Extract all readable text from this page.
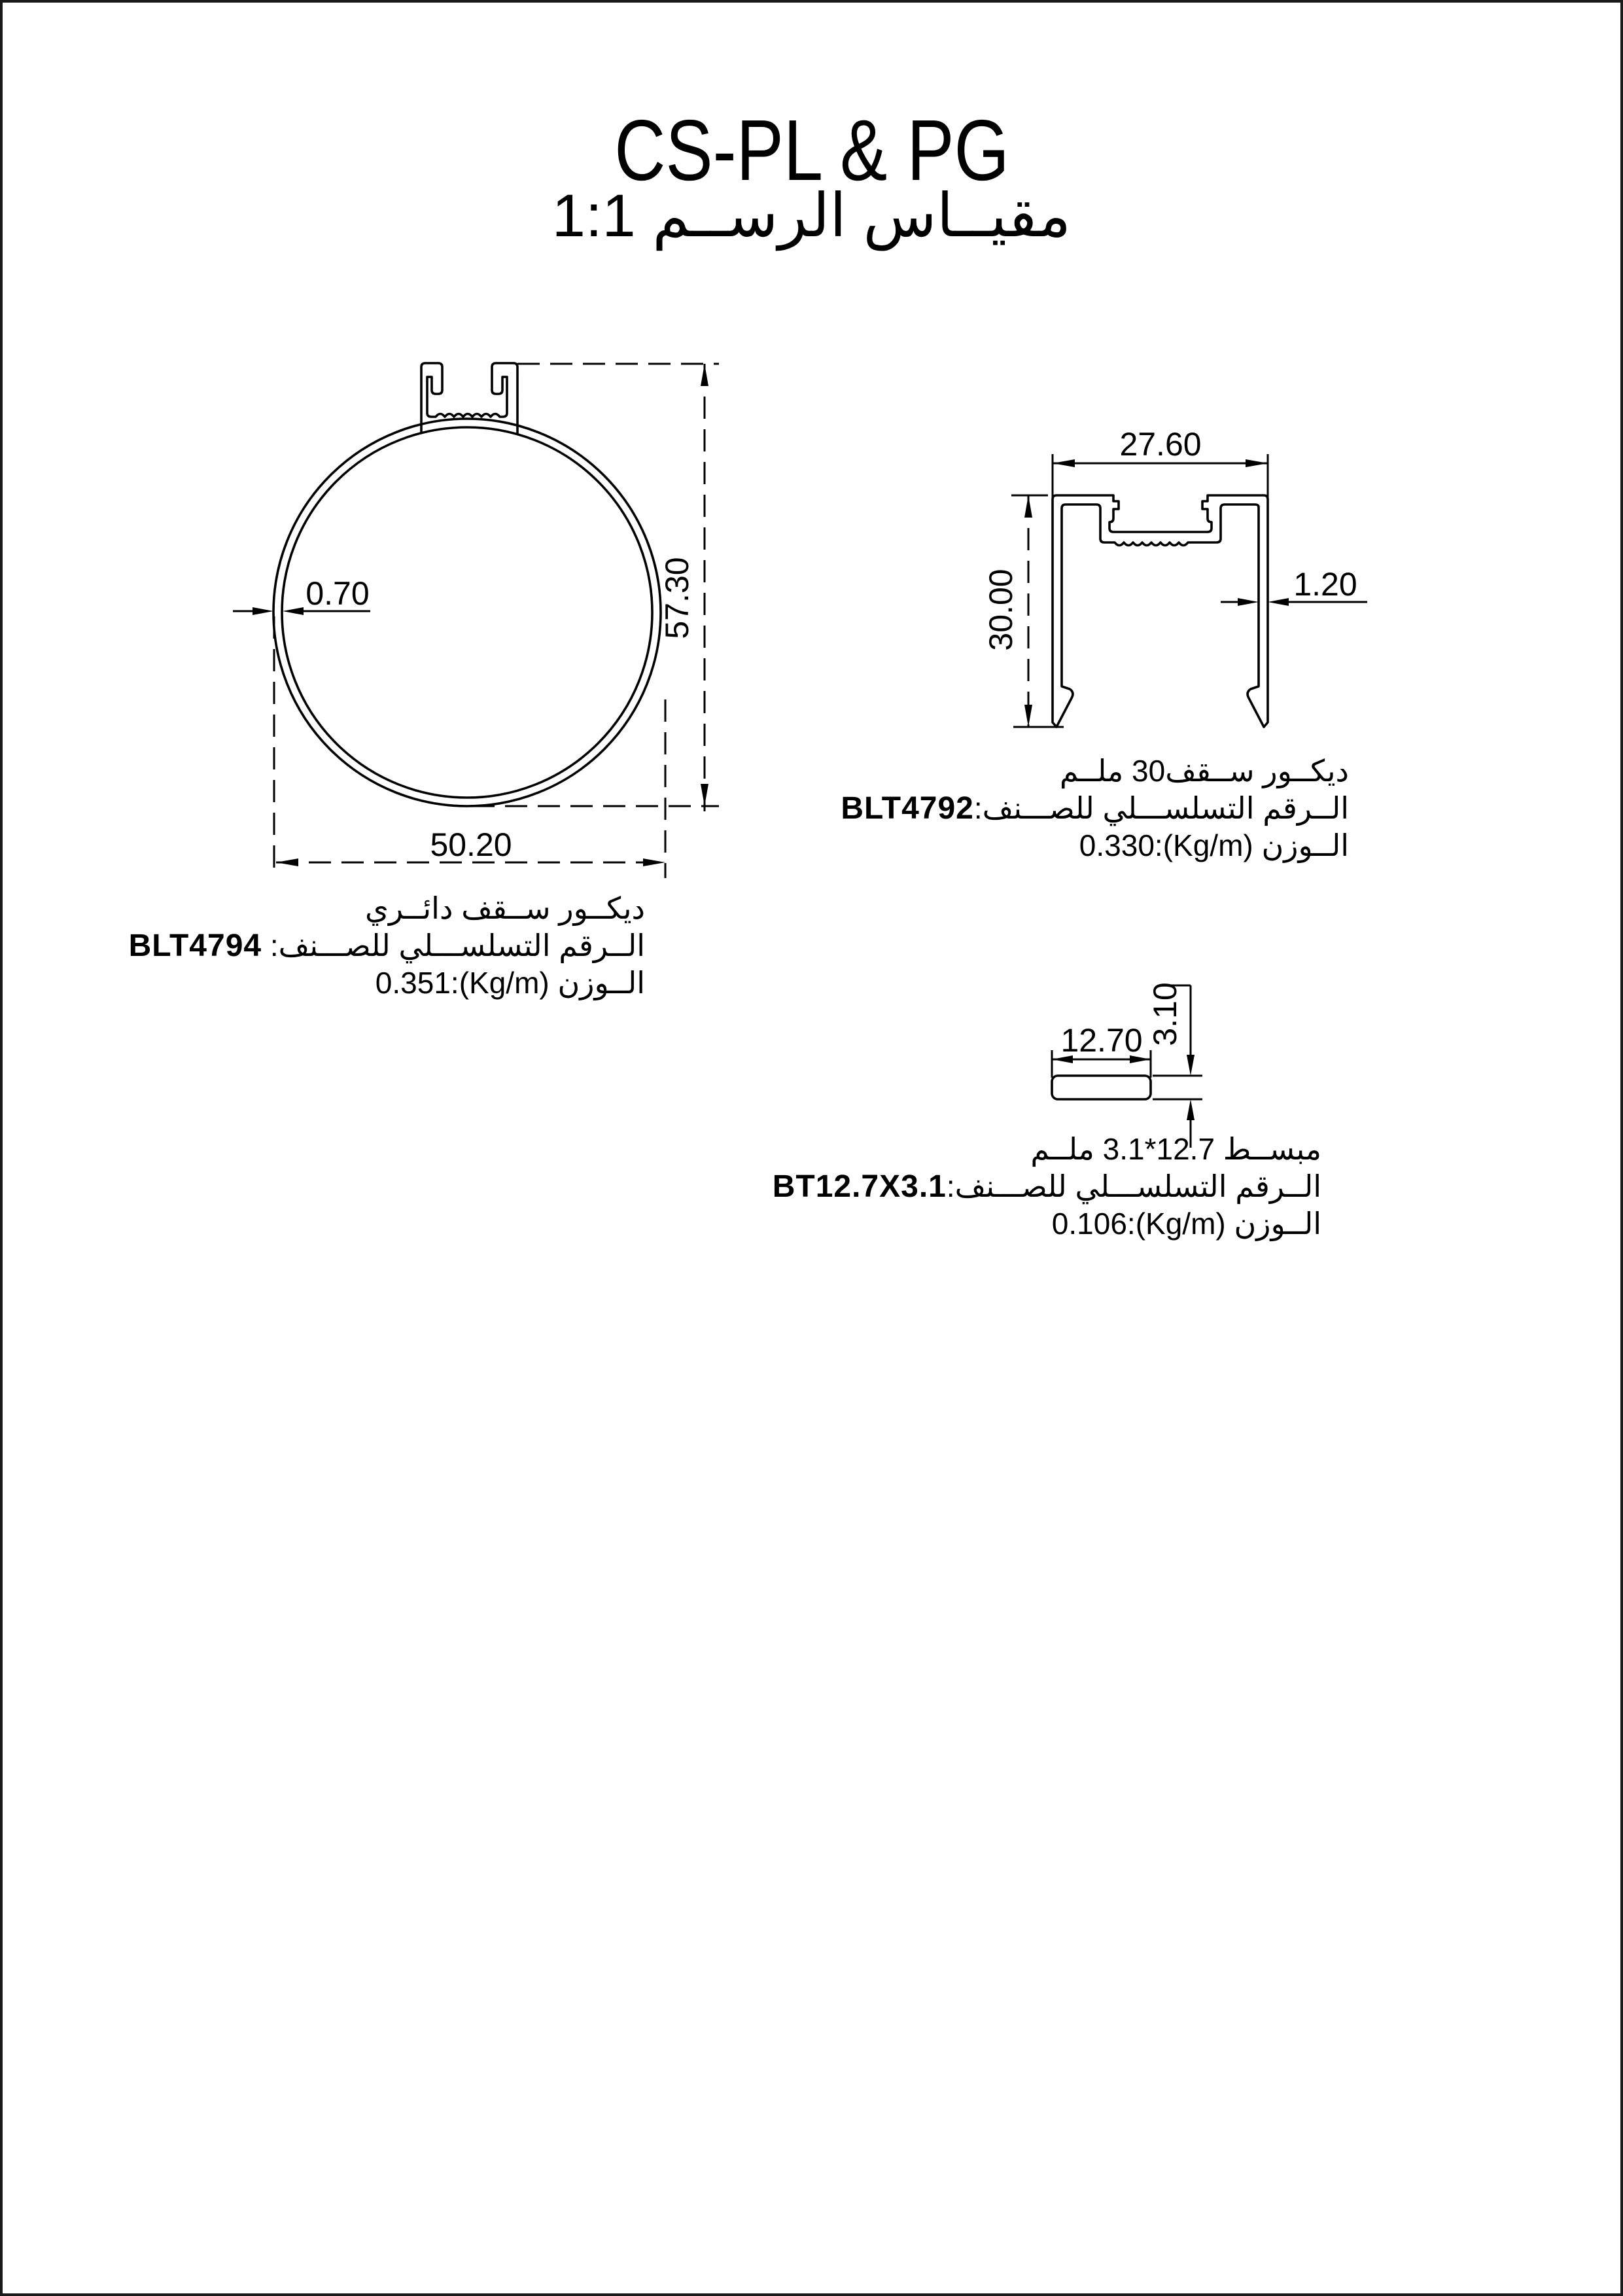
CS-PL & PG
مقيــاس الرســم 1:1
57.30
50.20
0.70
ديكــور ســقف دائــري
الــرقم التسلســـلي للصـــنف: BLT4794
الــوزن (Kg/m):0.351
27.60
30.00	1.20
ديكــور ســقف30 ملــم
الــرقم التسلســـلي للصـــنف:BLT4792
الــوزن (Kg/m):0.330
12.70 3.10
مبســط 12.7*3.1 ملــم
الــرقم التسلســـلي للصـــنف:BT12.7X3.1
الــوزن (Kg/m):0.106
